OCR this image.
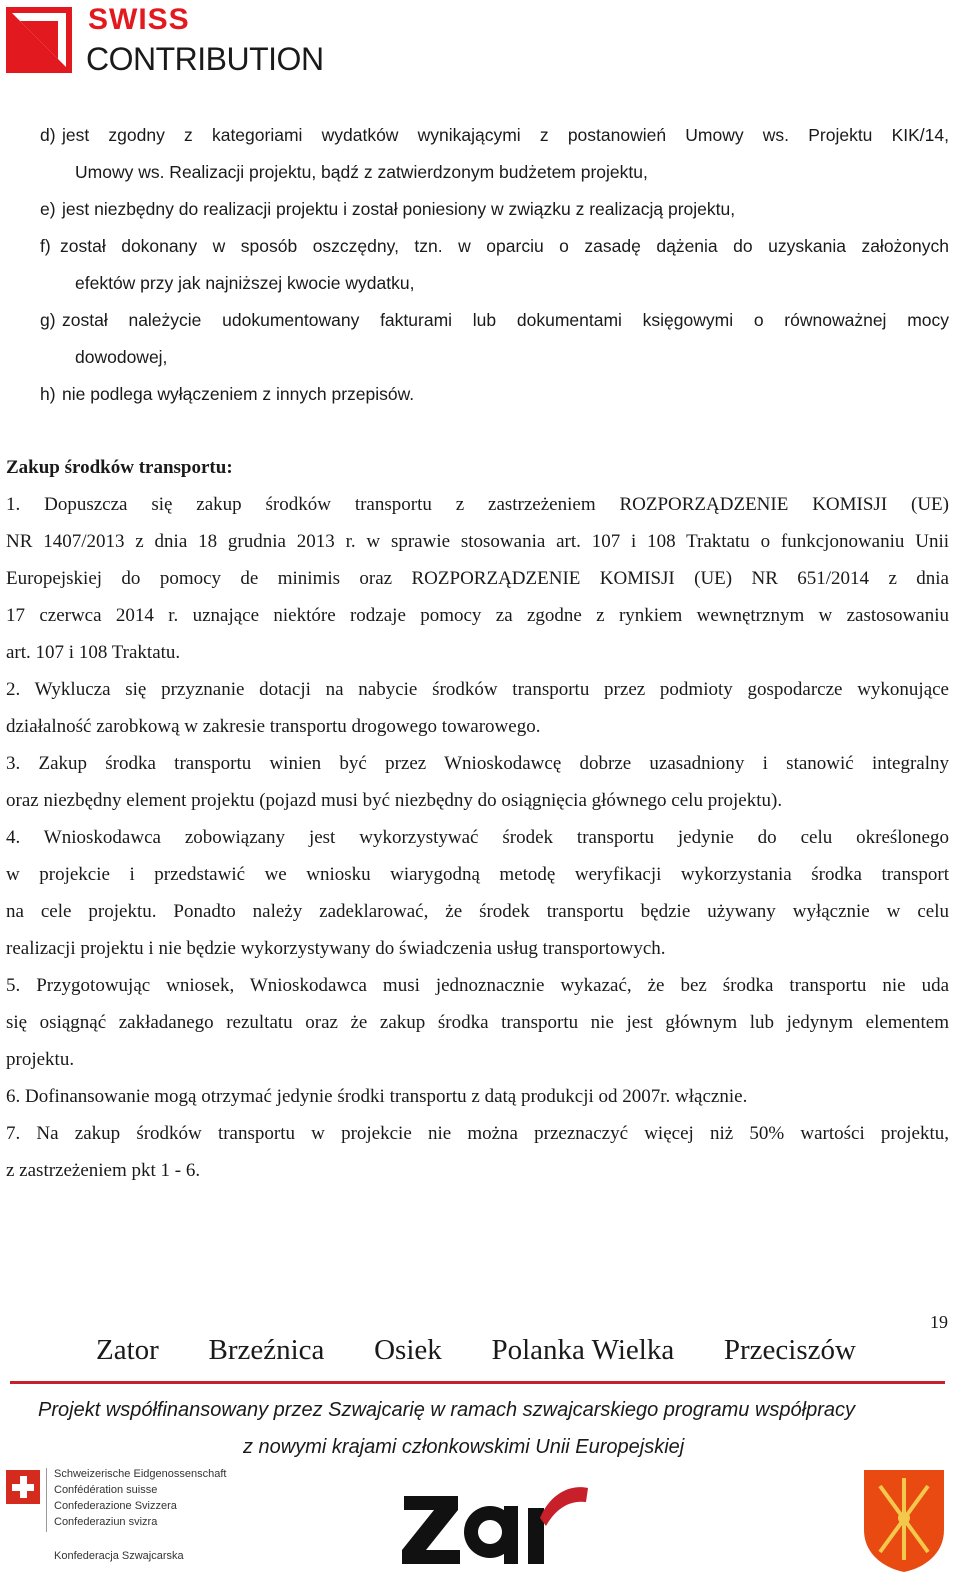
SWISS
CONTRIBUTION
d) jest zgodny z kategoriami wydatków wynikającymi z postanowień Umowy ws. Projektu KIK/14,
Umowy ws. Realizacji projektu, bądź z zatwierdzonym budżetem projektu,
e) jest niezbędny do realizacji projektu i został poniesiony w związku z realizacją projektu,
f) został dokonany w sposób oszczędny, tzn. w oparciu o zasadę dążenia do uzyskania założonych
efektów przy jak najniższej kwocie wydatku,
g) został należycie udokumentowany fakturami lub dokumentami księgowymi o równoważnej mocy
dowodowej,
h) nie podlega wyłączeniem z innych przepisów.
Zakup środków transportu:
1. Dopuszcza się zakup środków transportu z zastrzeżeniem ROZPORZĄDZENIE KOMISJI (UE)
NR 1407/2013 z dnia 18 grudnia 2013 r. w sprawie stosowania art. 107 i 108 Traktatu o funkcjonowaniu Unii
Europejskiej do pomocy de minimis oraz ROZPORZĄDZENIE KOMISJI (UE) NR 651/2014 z dnia
17 czerwca 2014 r. uznające niektóre rodzaje pomocy za zgodne z rynkiem wewnętrznym w zastosowaniu
art. 107 i 108 Traktatu.
2. Wyklucza się przyznanie dotacji na nabycie środków transportu przez podmioty gospodarcze wykonujące
działalność zarobkową w zakresie transportu drogowego towarowego.
3. Zakup środka transportu winien być przez Wnioskodawcę dobrze uzasadniony i stanowić integralny
oraz niezbędny element projektu (pojazd musi być niezbędny do osiągnięcia głównego celu projektu).
4. Wnioskodawca zobowiązany jest wykorzystywać środek transportu jedynie do celu określonego
w projekcie i przedstawić we wniosku wiarygodną metodę weryfikacji wykorzystania środka transport
na cele projektu. Ponadto należy zadeklarować, że środek transportu będzie używany wyłącznie w celu
realizacji projektu i nie będzie wykorzystywany do świadczenia usług transportowych.
5. Przygotowując wniosek, Wnioskodawca musi jednoznacznie wykazać, że bez środka transportu nie uda
się osiągnąć zakładanego rezultatu oraz że zakup środka transportu nie jest głównym lub jedynym elementem
projektu.
6. Dofinansowanie mogą otrzymać jedynie środki transportu z datą produkcji od 2007r. włącznie.
7. Na zakup środków transportu w projekcie nie można przeznaczyć więcej niż 50% wartości projektu,
z zastrzeżeniem pkt 1 - 6.
19
Zator Brzeźnica Osiek Polanka Wielka Przeciszów
Projekt współfinansowany przez Szwajcarię w ramach szwajcarskiego programu współpracy
z nowymi krajami członkowskimi Unii Europejskiej
Schweizerische Eidgenossenschaft
Confédération suisse
Confederazione Svizzera
Confederaziun svizra
Konfederacja Szwajcarska
